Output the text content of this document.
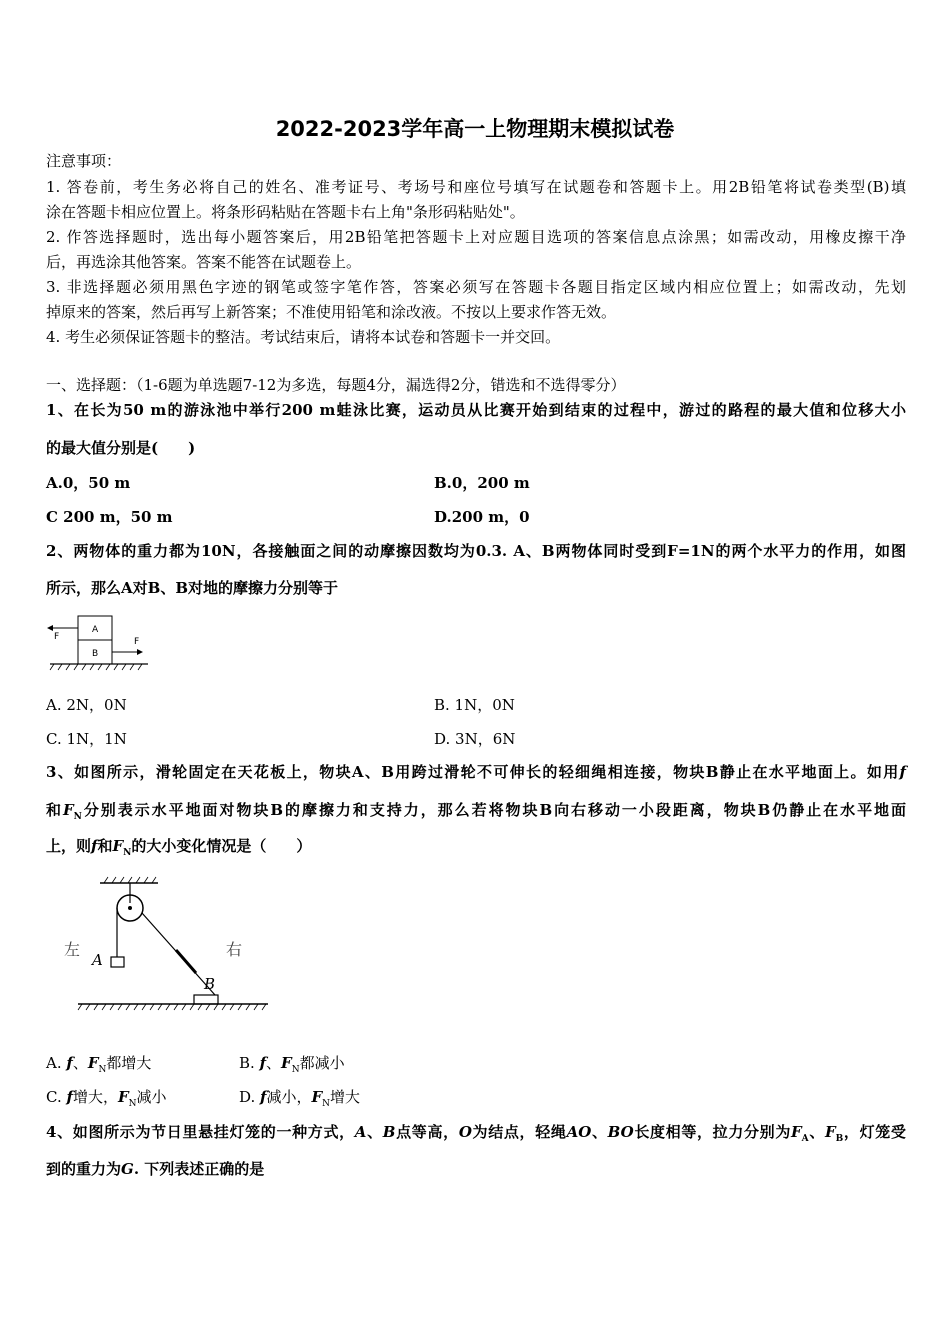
2022-2023学年高一上物理期末模拟试卷
注意事项：
1. 答卷前，考生务必将自己的姓名、准考证号、考场号和座位号填写在试题卷和答题卡上。用2B铅笔将试卷类型(B)填
涂在答题卡相应位置上。将条形码粘贴在答题卡右上角"条形码粘贴处"。
2. 作答选择题时，选出每小题答案后，用2B铅笔把答题卡上对应题目选项的答案信息点涂黑；如需改动，用橡皮擦干净
后，再选涂其他答案。答案不能答在试题卷上。
3. 非选择题必须用黑色字迹的钢笔或签字笔作答，答案必须写在答题卡各题目指定区域内相应位置上；如需改动，先划
掉原来的答案，然后再写上新答案；不准使用铅笔和涂改液。不按以上要求作答无效。
4. 考生必须保证答题卡的整洁。考试结束后，请将本试卷和答题卡一并交回。
一、选择题：（1-6题为单选题7-12为多选，每题4分，漏选得2分，错选和不选得零分）
1、在长为50 m的游泳池中举行200 m蛙泳比赛，运动员从比赛开始到结束的过程中，游过的路程的最大值和位移大小
的最大值分别是(　　)
A.0，50 m	B.0，200 m
C 200 m，50 m	D.200 m，0
2、两物体的重力都为10N，各接触面之间的动摩擦因数均为0.3. A、B两物体同时受到F=1N的两个水平力的作用，如图
所示，那么A对B、B对地的摩擦力分别等于
F	F
A
B
A. 2N，0N	B. 1N，0N
C. 1N，1N	D. 3N，6N
3、如图所示，滑轮固定在天花板上，物块A、B用跨过滑轮不可伸长的轻细绳相连接，物块B静止在水平地面上。如用f
和$F_N$分别表示水平地面对物块B的摩擦力和支持力，那么若将物块B向右移动一小段距离，物块B仍静止在水平地面
上，则f和$F_N$的大小变化情况是（　　）
左	右
A
B
A. f、$F_N$都增大	B. f、$F_N$都减小
C. f增大，$F_N$减小	D. f减小，$F_N$增大
4、如图所示为节日里悬挂灯笼的一种方式，A、B点等高，O为结点，轻绳AO、BO长度相等，拉力分别为$F_A$、$F_B$，灯笼受
到的重力为G. 下列表述正确的是
